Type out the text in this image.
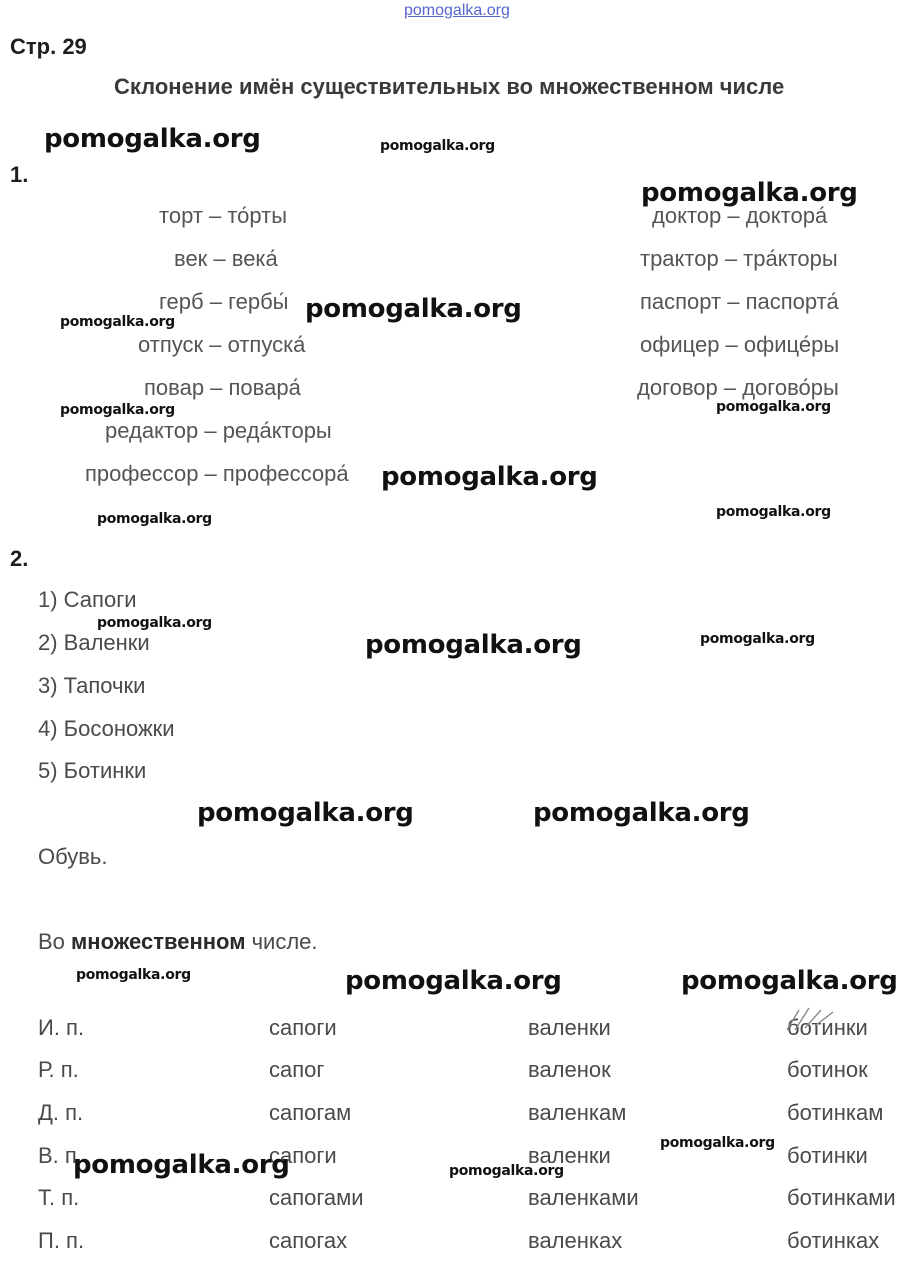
pomogalka.org
Стр. 29
Склонение имён существительных во множественном числе
1.
торт – то́рты
век – века́
герб – гербы́
отпуск – отпуска́
повар – повара́
редактор – реда́кторы
профессор – профессора́
доктор – доктора́
трактор – тра́кторы
паспорт – паспорта́
офицер – офице́ры
договор – догово́ры
2.
1) Сапоги
2) Валенки
3) Тапочки
4) Босоножки
5) Ботинки
Обувь.
Во множественном числе.
И. п.	сапоги	валенки	ботинки
Р. п.	сапог	валенок	ботинок
Д. п.	сапогам	валенкам	ботинкам
В. п.	сапоги	валенки	ботинки
Т. п.	сапогами	валенками	ботинками
П. п.	сапогах	валенках	ботинках
pomogalka.org	pomogalka.org
pomogalka.org
pomogalka.org
pomogalka.org
pomogalka.org	pomogalka.org
pomogalka.org
pomogalka.org	pomogalka.org
pomogalka.org
pomogalka.org	pomogalka.org
pomogalka.org	pomogalka.org
pomogalka.org	pomogalka.org	pomogalka.org
pomogalka.org
pomogalka.org	pomogalka.org
